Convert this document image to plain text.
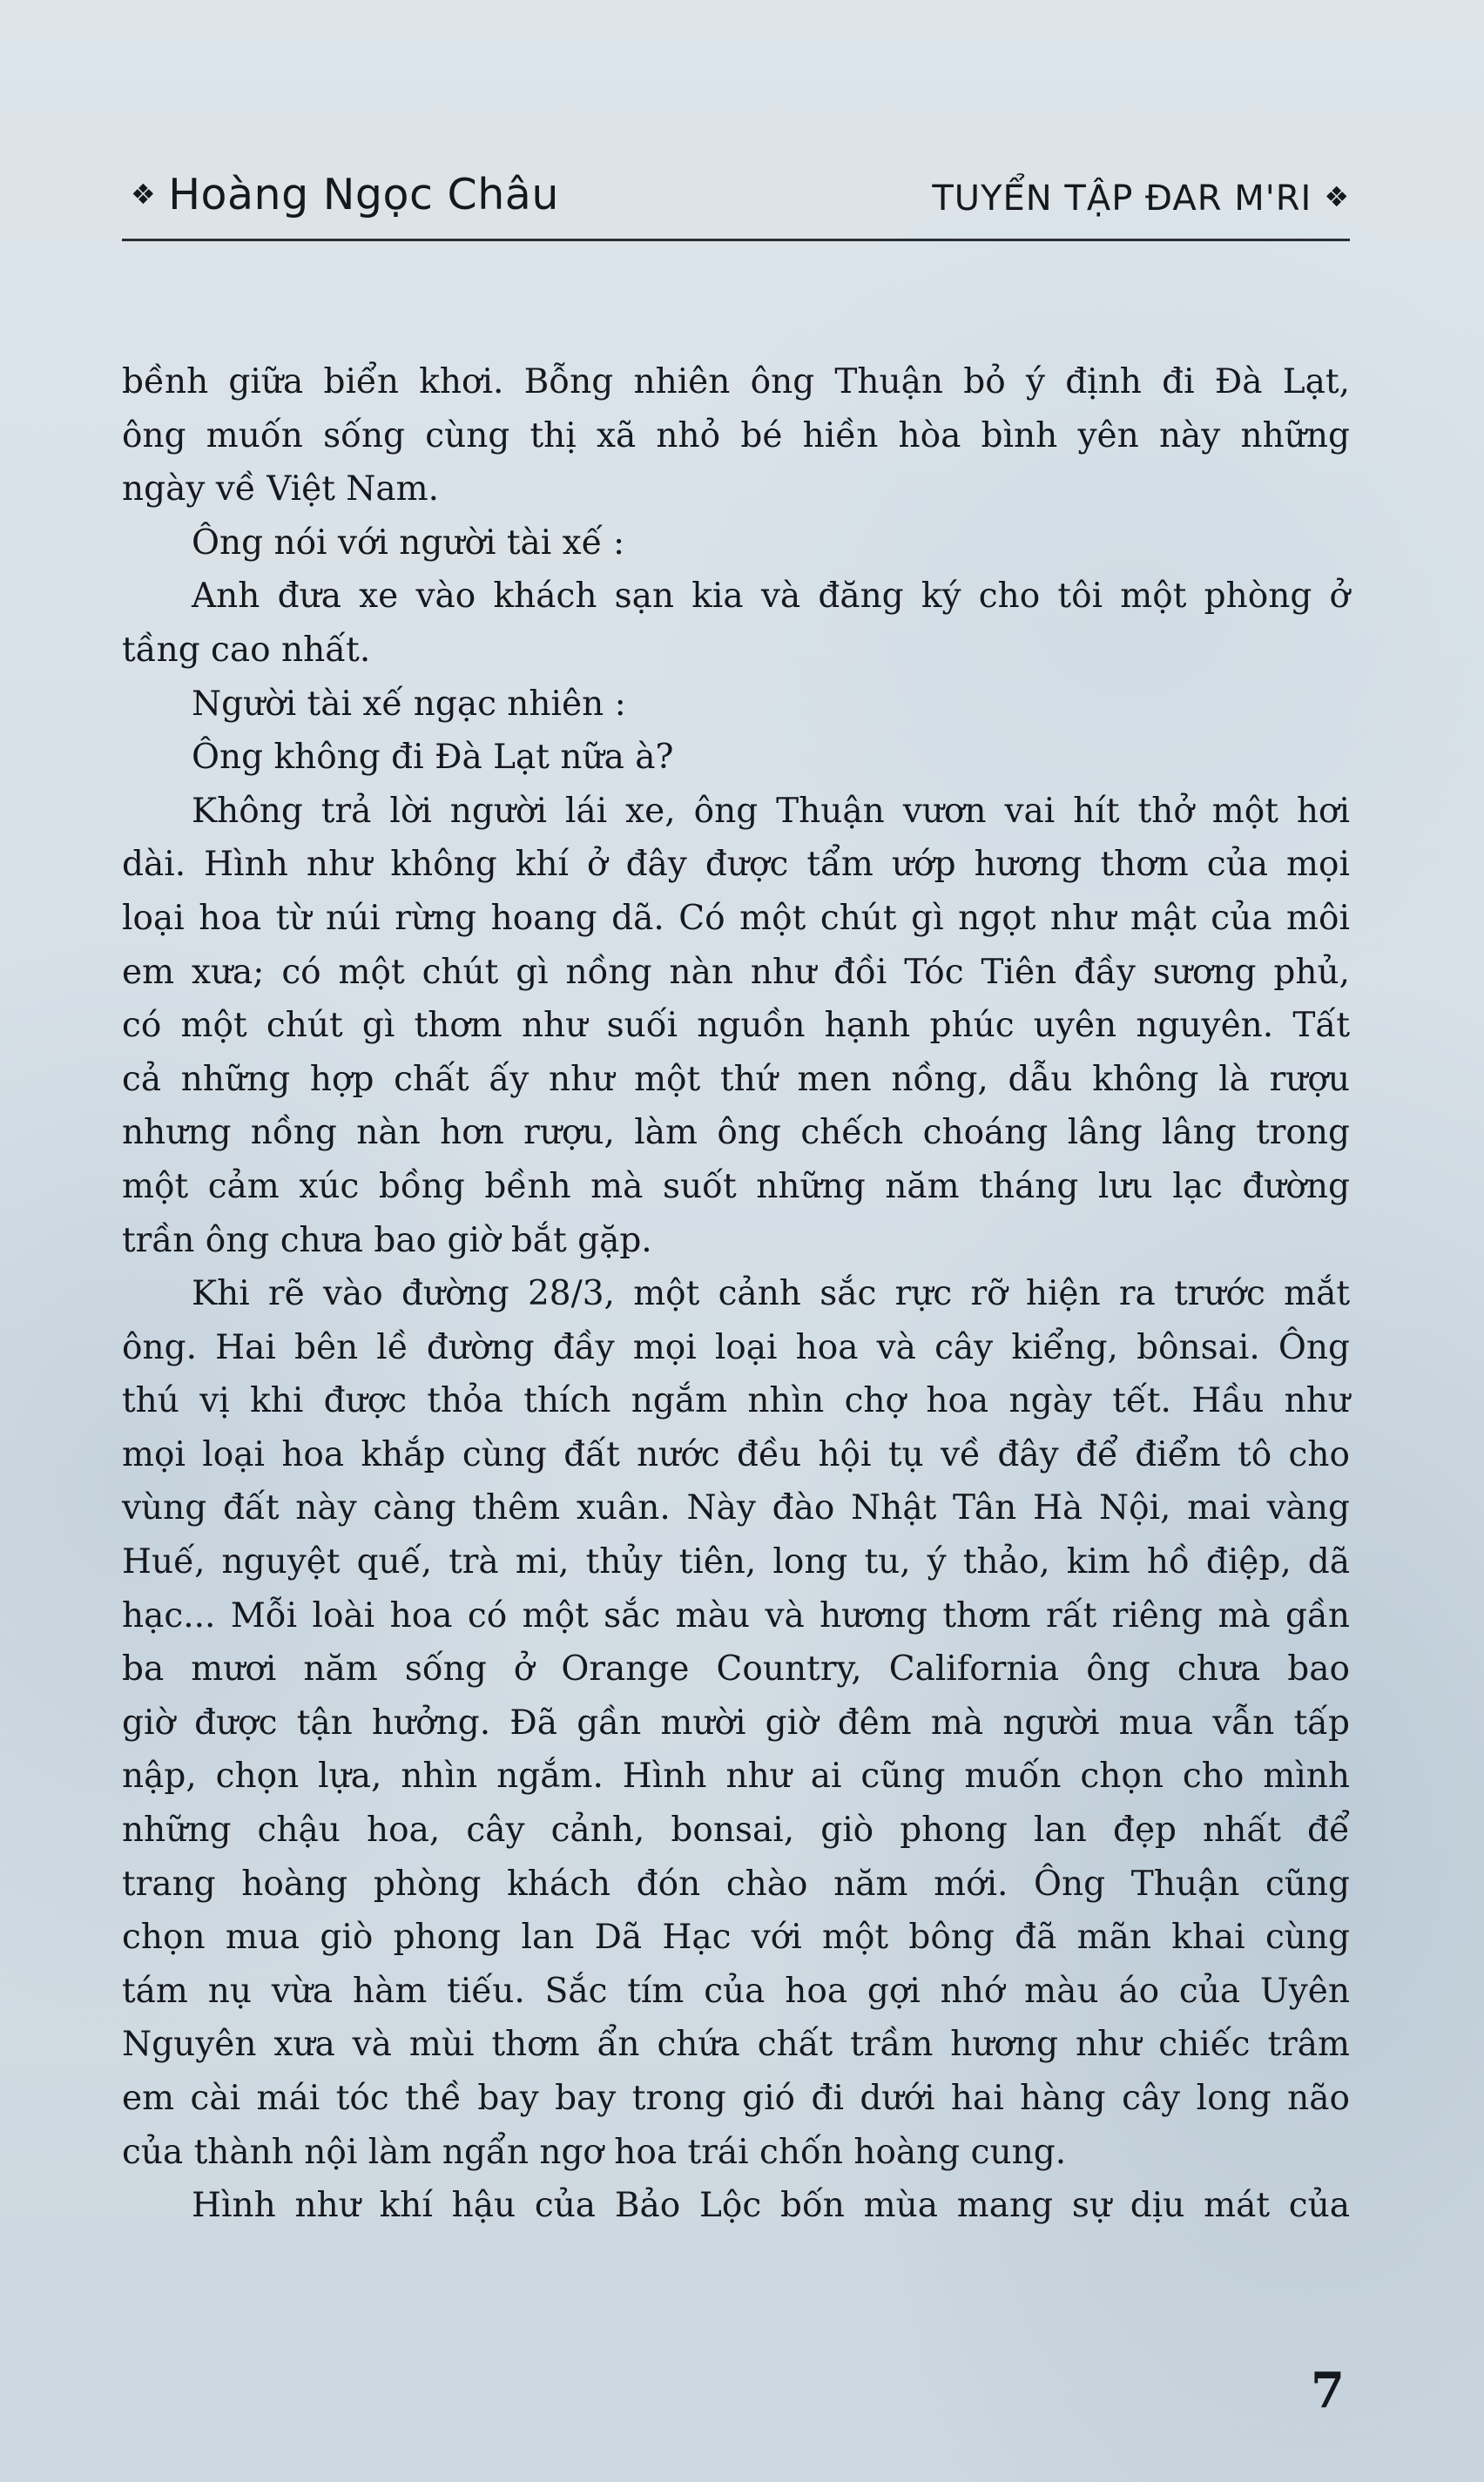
❖ Hoàng Ngọc Châu	TUYỂN TẬP ĐAR M'RI ❖
bềnh giữa biển khơi. Bỗng nhiên ông Thuận bỏ ý định đi Đà Lạt,
ông muốn sống cùng thị xã nhỏ bé hiền hòa bình yên này những
ngày về Việt Nam.
Ông nói với người tài xế :
Anh đưa xe vào khách sạn kia và đăng ký cho tôi một phòng ở
tầng cao nhất.
Người tài xế ngạc nhiên :
Ông không đi Đà Lạt nữa à?
Không trả lời người lái xe, ông Thuận vươn vai hít thở một hơi
dài. Hình như không khí ở đây được tẩm ướp hương thơm của mọi
loại hoa từ núi rừng hoang dã. Có một chút gì ngọt như mật của môi
em xưa; có một chút gì nồng nàn như đồi Tóc Tiên đầy sương phủ,
có một chút gì thơm như suối nguồn hạnh phúc uyên nguyên. Tất
cả những hợp chất ấy như một thứ men nồng, dẫu không là rượu
nhưng nồng nàn hơn rượu, làm ông chếch choáng lâng lâng trong
một cảm xúc bồng bềnh mà suốt những năm tháng lưu lạc đường
trần ông chưa bao giờ bắt gặp.
Khi rẽ vào đường 28/3, một cảnh sắc rực rỡ hiện ra trước mắt
ông. Hai bên lề đường đầy mọi loại hoa và cây kiểng, bônsai. Ông
thú vị khi được thỏa thích ngắm nhìn chợ hoa ngày tết. Hầu như
mọi loại hoa khắp cùng đất nước đều hội tụ về đây để điểm tô cho
vùng đất này càng thêm xuân. Này đào Nhật Tân Hà Nội, mai vàng
Huế, nguyệt quế, trà mi, thủy tiên, long tu, ý thảo, kim hồ điệp, dã
hạc... Mỗi loài hoa có một sắc màu và hương thơm rất riêng mà gần
ba mươi năm sống ở Orange Country, California ông chưa bao
giờ được tận hưởng. Đã gần mười giờ đêm mà người mua vẫn tấp
nập, chọn lựa, nhìn ngắm. Hình như ai cũng muốn chọn cho mình
những chậu hoa, cây cảnh, bonsai, giò phong lan đẹp nhất để
trang hoàng phòng khách đón chào năm mới. Ông Thuận cũng
chọn mua giò phong lan Dã Hạc với một bông đã mãn khai cùng
tám nụ vừa hàm tiếu. Sắc tím của hoa gợi nhớ màu áo của Uyên
Nguyên xưa và mùi thơm ẩn chứa chất trầm hương như chiếc trâm
em cài mái tóc thề bay bay trong gió đi dưới hai hàng cây long não
của thành nội làm ngẩn ngơ hoa trái chốn hoàng cung.
Hình như khí hậu của Bảo Lộc bốn mùa mang sự dịu mát của
7
